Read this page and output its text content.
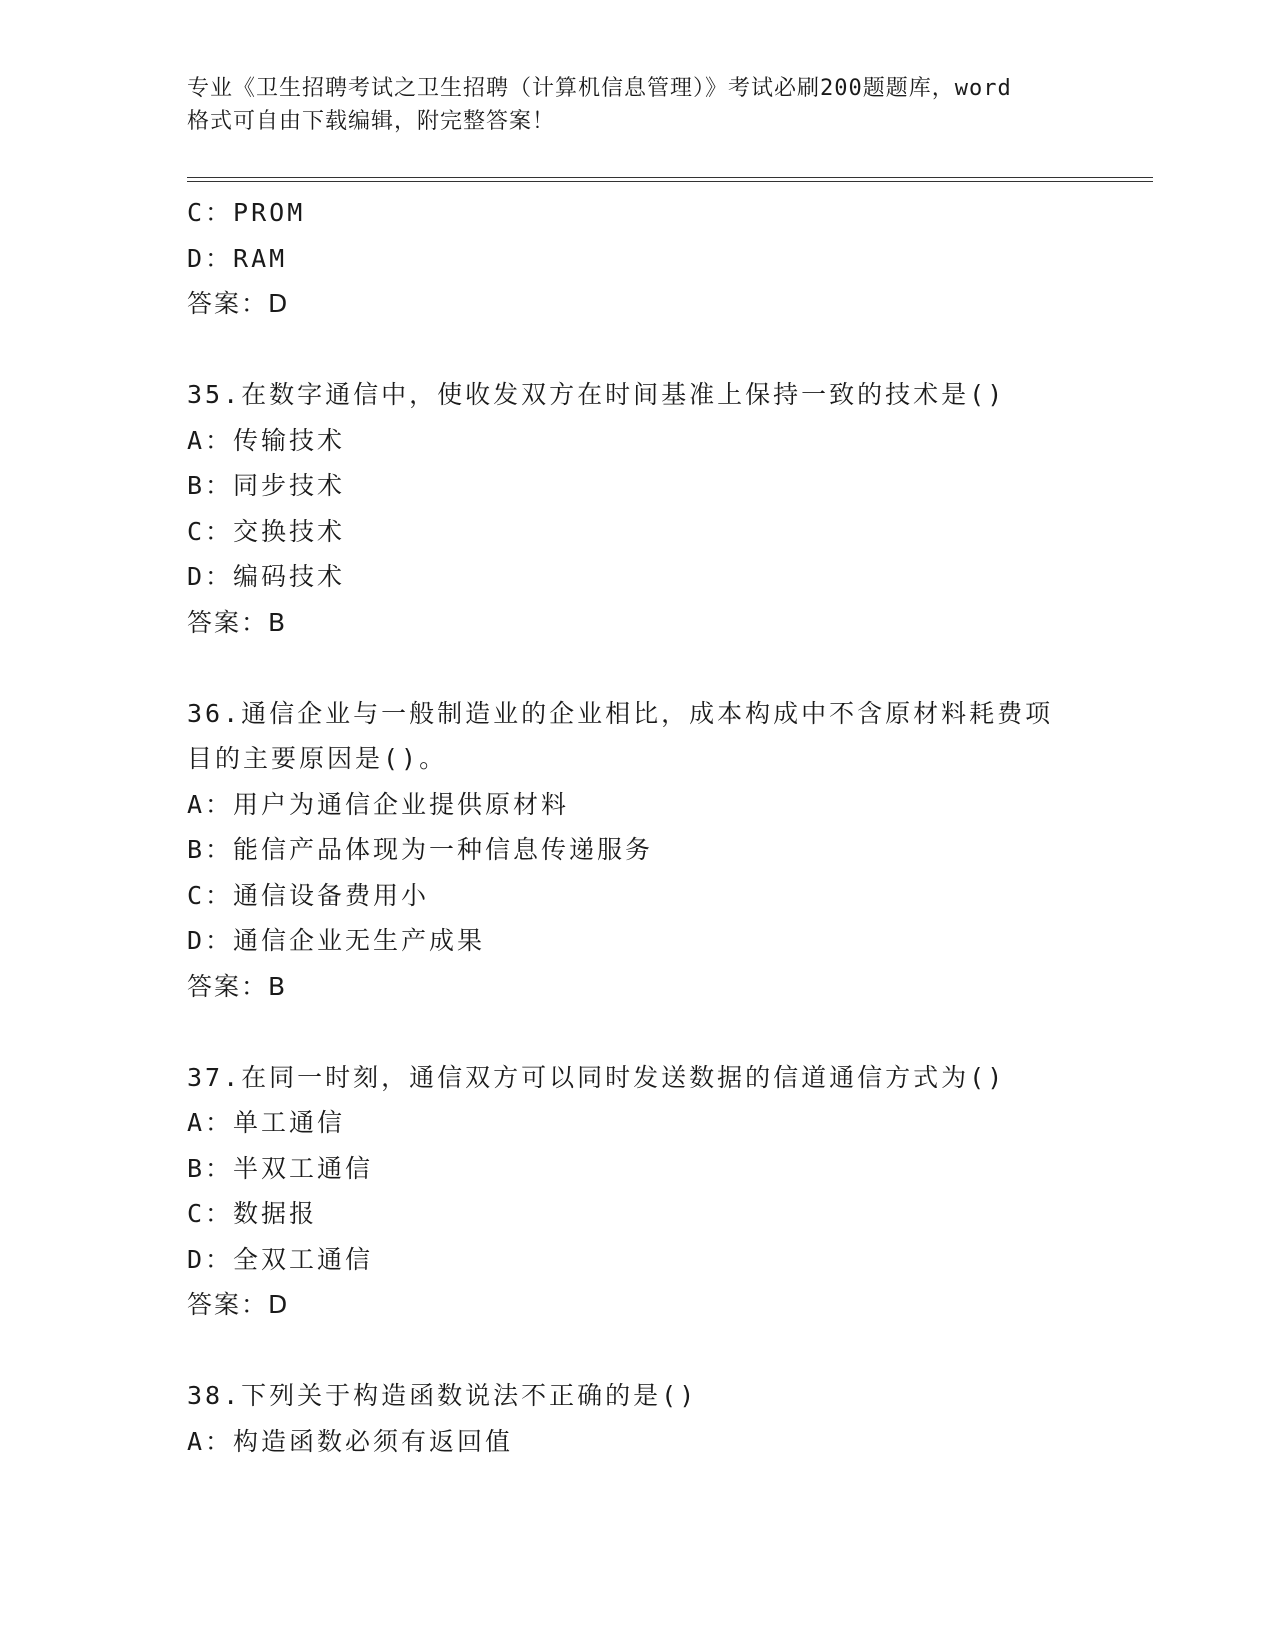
专业《卫生招聘考试之卫生招聘（计算机信息管理）》考试必刷200题题库，word
格式可自由下载编辑，附完整答案！
C：PROM
D：RAM
答案：D
35.在数字通信中，使收发双方在时间基准上保持一致的技术是()
A：传输技术
B：同步技术
C：交换技术
D：编码技术
答案：B
36.通信企业与一般制造业的企业相比，成本构成中不含原材料耗费项
目的主要原因是()。
A：用户为通信企业提供原材料
B：能信产品体现为一种信息传递服务
C：通信设备费用小
D：通信企业无生产成果
答案：B
37.在同一时刻，通信双方可以同时发送数据的信道通信方式为()
A：单工通信
B：半双工通信
C：数据报
D：全双工通信
答案：D
38.下列关于构造函数说法不正确的是()
A：构造函数必须有返回值
